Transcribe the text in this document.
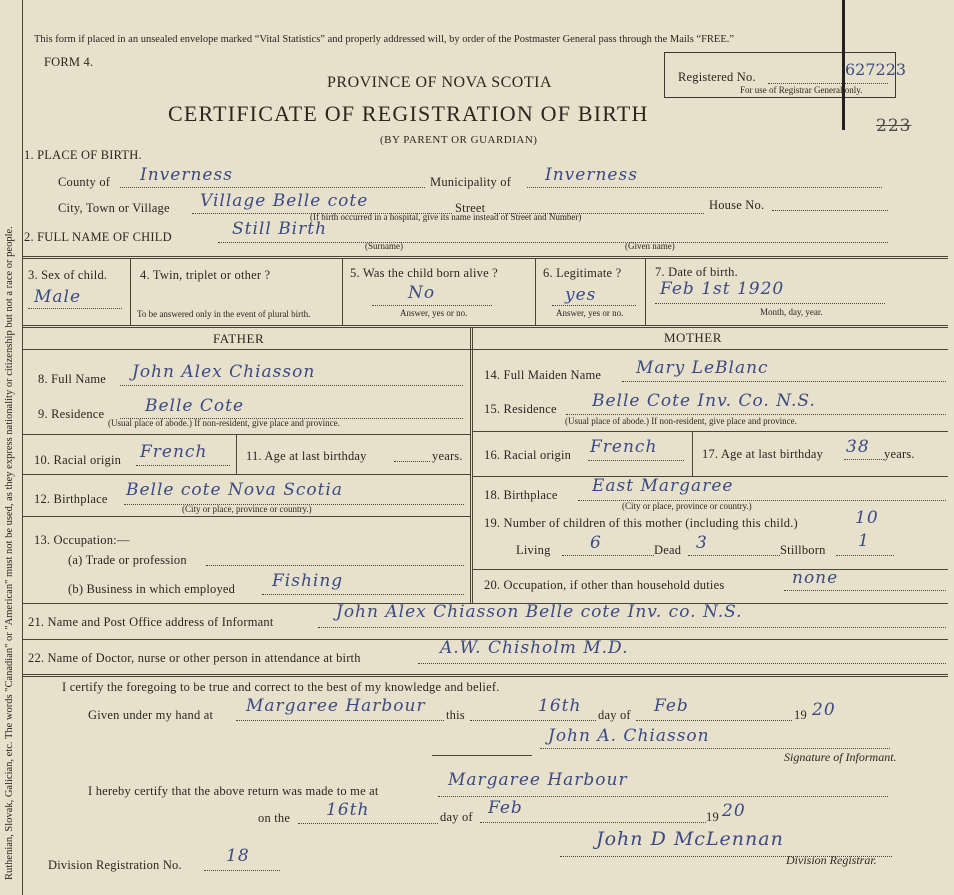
Ruthenian, Slovak, Galician, etc. The words "Canadian" or "American" must not be used, as they express nationality or citizenship but not a race or people.
This form if placed in an unsealed envelope marked “Vital Statistics” and properly addressed will, by order of the Postmaster General pass through the Mails “FREE.”
FORM 4.
PROVINCE OF NOVA SCOTIA
CERTIFICATE OF REGISTRATION OF BIRTH
(BY PARENT OR GUARDIAN)
Registered No.	627223
For use of Registrar General only.
223
1. PLACE OF BIRTH.
County of Inverness	Municipality of Inverness
City, Town or Village Village Belle cote	Street	House No.
(If birth occurred in a hospital, give its name instead of Street and Number)
2. FULL NAME OF CHILD	Still Birth
(Surname)	(Given name)
3. Sex of child.
Male
4. Twin, triplet or other ?
To be answered only in the event of plural birth.
5. Was the child born alive ?
No
Answer, yes or no.
6. Legitimate ?
yes
Answer, yes or no.
7. Date of birth.
Feb 1st 1920
Month, day, year.
FATHER	MOTHER
8. Full Name John Alex Chiasson
9. Residence Belle Cote
(Usual place of abode.) If non-resident, give place and province.
10. Racial origin French	11. Age at last birthday	years.
12. Birthplace Belle cote Nova Scotia
(City or place, province or country.)
13. Occupation:—
(a) Trade or profession
(b) Business in which employed Fishing
14. Full Maiden Name Mary LeBlanc
15. Residence Belle Cote Inv. Co. N.S.
(Usual place of abode.) If non-resident, give place and province.
16. Racial origin French	17. Age at last birthday 38 years.
18. Birthplace East Margaree
(City or place, province or country.)
19. Number of children of this mother (including this child.)	10
Living 6	Dead 3	Stillborn 1
20. Occupation, if other than household duties	none
21. Name and Post Office address of Informant	John Alex Chiasson Belle cote Inv. co. N.S.
22. Name of Doctor, nurse or other person in attendance at birth	A.W. Chisholm M.D.
I certify the foregoing to be true and correct to the best of my knowledge and belief.
Given under my hand at Margaree Harbour this	16th day of Feb	19 20
John A. Chiasson
Signature of Informant.
I hereby certify that the above return was made to me at
Margaree Harbour
on the 16th	day of Feb	19 20
Division Registration No.	18
John D McLennan
Division Registrar.
